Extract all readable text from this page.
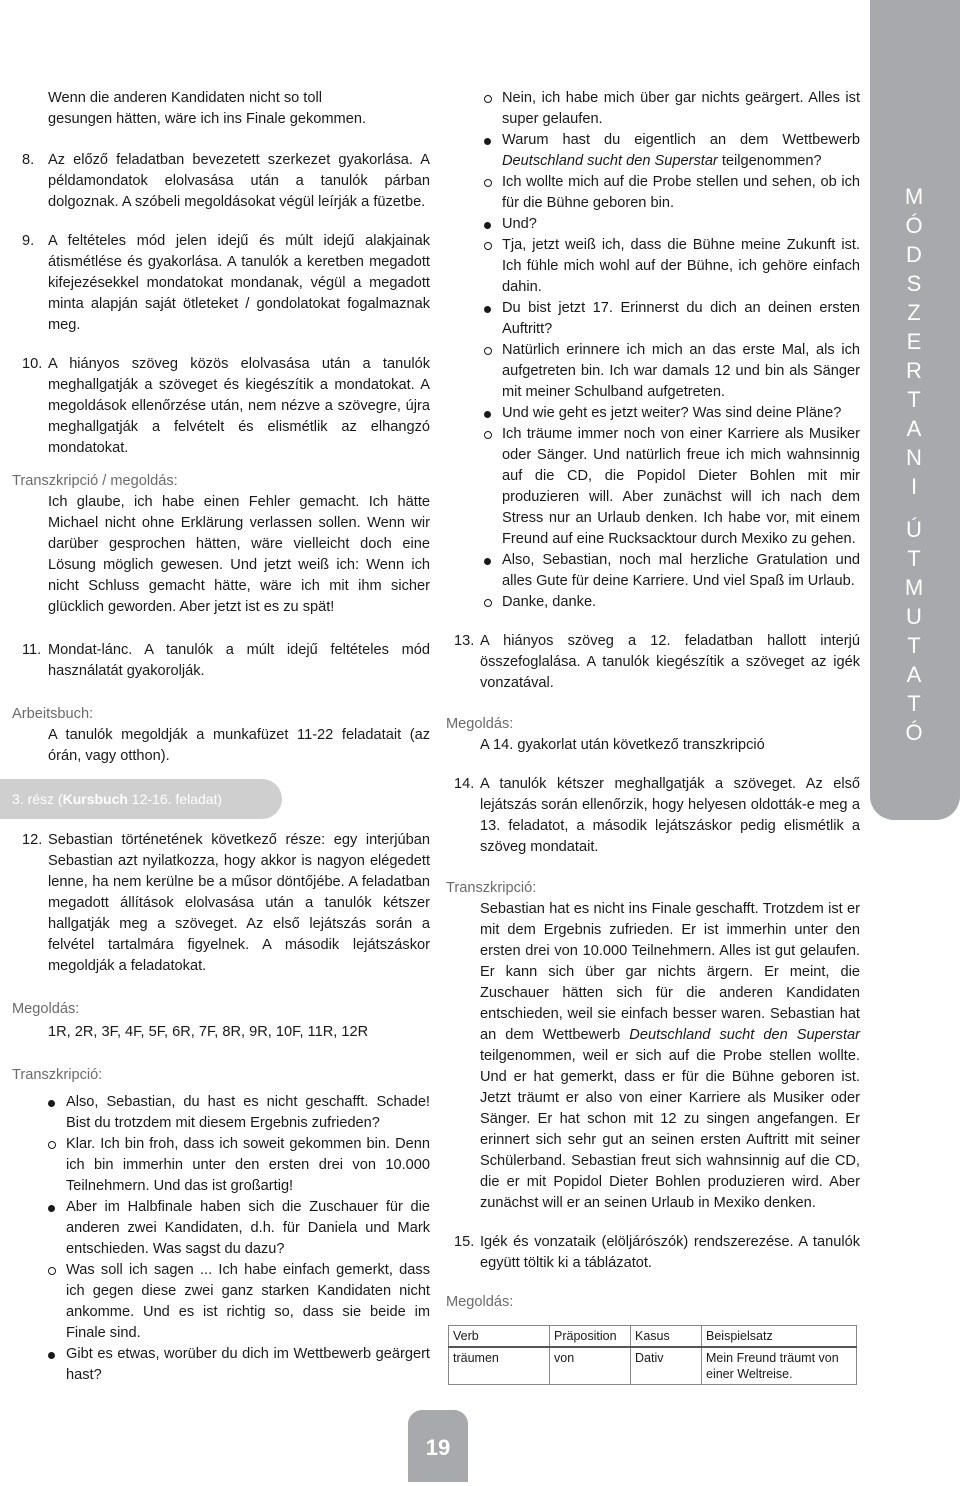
M
Ó
D
S
Z
E
R
T
A
N
I

Ú
T
M
U
T
A
T
Ó

Wenn die anderen Kandidaten nicht so toll

gesungen hätten, wäre ich ins Finale gekommen.

8. Az előző feladatban bevezetett szerkezet gyakorlása. A példamondatok elolvasása után a tanulók párban dolgoznak. A szóbeli megoldásokat végül leírják a füzetbe.

9. A feltételes mód jelen idejű és múlt idejű alakjainak átismétlése és gyakorlása. A tanulók a keretben megadott kifejezésekkel mondatokat mondanak, végül a megadott minta alapján saját ötleteket / gondolatokat fogalmaznak meg.

10. A hiányos szöveg közös elolvasása után a tanulók meghallgatják a szöveget és kiegészítik a mondatokat. A megoldások ellenőrzése után, nem nézve a szövegre, újra meghallgatják a felvételt és elismétlik az elhangzó mondatokat.

Transzkripció / megoldás:

Ich glaube, ich habe einen Fehler gemacht. Ich hätte Michael nicht ohne Erklärung verlassen sollen. Wenn wir darüber gesprochen hätten, wäre vielleicht doch eine Lösung möglich gewesen. Und jetzt weiß ich: Wenn ich nicht Schluss gemacht hätte, wäre ich mit ihm sicher glücklich geworden. Aber jetzt ist es zu spät!

11. Mondat-lánc. A tanulók a múlt idejű feltételes mód használatát gyakorolják.

Arbeitsbuch:

A tanulók megoldják a munkafüzet 11-22 feladatait (az órán, vagy otthon).

3. rész (Kursbuch 12-16. feladat)
12. Sebastian történetének következő része: egy interjúban Sebastian azt nyilatkozza, hogy akkor is nagyon elégedett lenne, ha nem kerülne be a műsor döntőjébe. A feladatban megadott állítások elolvasása után a tanulók kétszer hallgatják meg a szöveget. Az első lejátszás során a felvétel tartalmára figyelnek. A második lejátszáskor megoldják a feladatokat.

Megoldás:

1R, 2R, 3F, 4F, 5F, 6R, 7F, 8R, 9R, 10F, 11R, 12R

Transzkripció:

Also, Sebastian, du hast es nicht geschafft. Schade! Bist du trotzdem mit diesem Ergebnis zufrieden?
Klar. Ich bin froh, dass ich soweit gekommen bin. Denn ich bin immerhin unter den ersten drei von 10.000 Teilnehmern. Und das ist großartig!
Aber im Halbfinale haben sich die Zuschauer für die anderen zwei Kandidaten, d.h. für Daniela und Mark entschieden. Was sagst du dazu?
Was soll ich sagen ... Ich habe einfach gemerkt, dass ich gegen diese zwei ganz starken Kandidaten nicht ankomme. Und es ist richtig so, dass sie beide im Finale sind.
Gibt es etwas, worüber du dich im Wettbewerb geärgert hast?
Nein, ich habe mich über gar nichts geärgert. Alles ist super gelaufen.
Warum hast du eigentlich an dem Wettbewerb Deutschland sucht den Superstar teilgenommen?
Ich wollte mich auf die Probe stellen und sehen, ob ich für die Bühne geboren bin.
Und?
Tja, jetzt weiß ich, dass die Bühne meine Zukunft ist. Ich fühle mich wohl auf der Bühne, ich gehöre einfach dahin.
Du bist jetzt 17. Erinnerst du dich an deinen ersten Auftritt?
Natürlich erinnere ich mich an das erste Mal, als ich aufgetreten bin. Ich war damals 12 und bin als Sänger mit meiner Schulband aufgetreten.
Und wie geht es jetzt weiter? Was sind deine Pläne?
Ich träume immer noch von einer Karriere als Musiker oder Sänger. Und natürlich freue ich mich wahnsinnig auf die CD, die Popidol Dieter Bohlen mit mir produzieren will. Aber zunächst will ich nach dem Stress nur an Urlaub denken. Ich habe vor, mit einem Freund auf eine Rucksacktour durch Mexiko zu gehen.
Also, Sebastian, noch mal herzliche Gratulation und alles Gute für deine Karriere. Und viel Spaß im Urlaub.
Danke, danke.
13. A hiányos szöveg a 12. feladatban hallott interjú összefoglalása. A tanulók kiegészítik a szöveget az igék vonzatával.

Megoldás:

A 14. gyakorlat után következő transzkripció

14. A tanulók kétszer meghallgatják a szöveget. Az első lejátszás során ellenőrzik, hogy helyesen oldották-e meg a 13. feladatot, a második lejátszáskor pedig elismétlik a szöveg mondatait.

Transzkripció:

Sebastian hat es nicht ins Finale geschafft. Trotzdem ist er mit dem Ergebnis zufrieden. Er ist immerhin unter den ersten drei von 10.000 Teilnehmern. Alles ist gut gelaufen. Er kann sich über gar nichts ärgern. Er meint, die Zuschauer hätten sich für die anderen Kandidaten entschieden, weil sie einfach besser waren. Sebastian hat an dem Wettbewerb Deutschland sucht den Superstar teilgenommen, weil er sich auf die Probe stellen wollte. Und er hat gemerkt, dass er für die Bühne geboren ist. Jetzt träumt er also von einer Karriere als Musiker oder Sänger. Er hat schon mit 12 zu singen angefangen. Er erinnert sich sehr gut an seinen ersten Auftritt mit seiner Schülerband. Sebastian freut sich wahnsinnig auf die CD, die er mit Popidol Dieter Bohlen produzieren wird. Aber zunächst will er an seinen Urlaub in Mexiko denken.

15. Igék és vonzataik (elöljárószók) rendszerezése. A tanulók együtt töltik ki a táblázatot.

Megoldás:

Verb	Präposition	Kasus	Beispielsatz
träumen	von	Dativ	Mein Freund träumt von einer Weltreise.
19
